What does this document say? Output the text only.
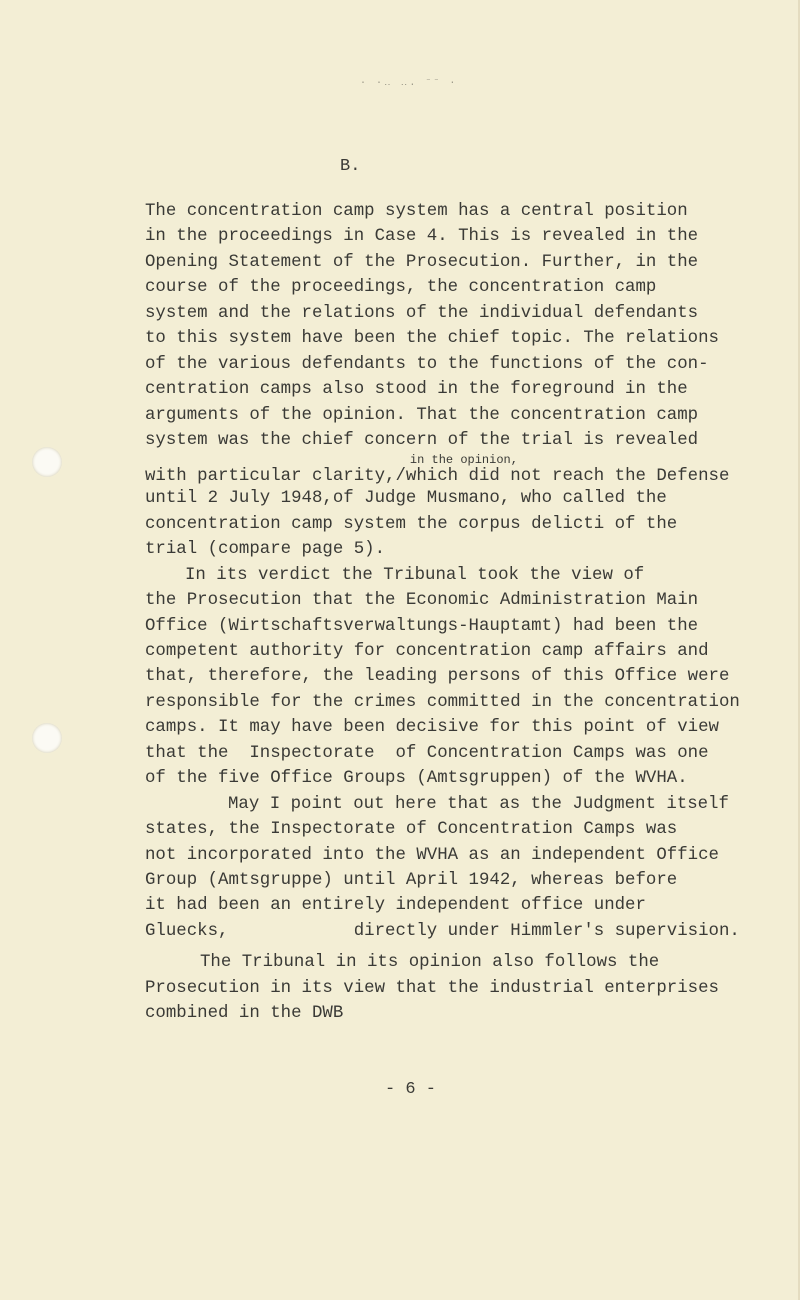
· ·‥ ‥. ⁻⁻ ·
B.
The concentration camp system has a central position
in the proceedings in Case 4. This is revealed in the
Opening Statement of the Prosecution. Further, in the
course of the proceedings, the concentration camp
system and the relations of the individual defendants
to this system have been the chief topic. The relations
of the various defendants to the functions of the con-
centration camps also stood in the foreground in the
arguments of the opinion. That the concentration camp
system was the chief concern of the trial is revealed
with particular clarity,/
in the opinion,
which did not reach the Defense
until 2 July 1948,of Judge Musmano, who called the
concentration camp system the corpus delicti of the
trial (compare page 5).
In its verdict the Tribunal took the view of
the Prosecution that the Economic Administration Main
Office (Wirtschaftsverwaltungs-Hauptamt) had been the
competent authority for concentration camp affairs and
that, therefore, the leading persons of this Office were
responsible for the crimes committed in the concentration
camps. It may have been decisive for this point of view
that the  Inspectorate  of Concentration Camps was one
of the five Office Groups (Amtsgruppen) of the WVHA.
May I point out here that as the Judgment itself
states, the Inspectorate of Concentration Camps was
not incorporated into the WVHA as an independent Office
Group (Amtsgruppe) until April 1942, whereas before
it had been an entirely independent office under
Gluecks,            directly under Himmler's supervision.
The Tribunal in its opinion also follows the
Prosecution in its view that the industrial enterprises
combined in the DWB
- 6 -
